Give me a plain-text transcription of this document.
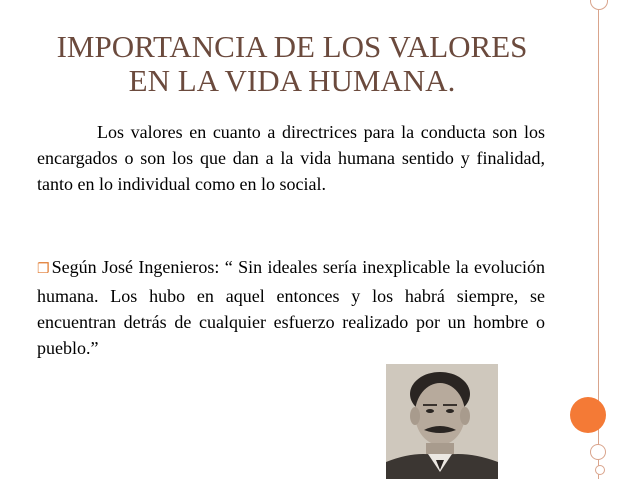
IMPORTANCIA DE LOS VALORES
EN LA VIDA HUMANA.
Los valores en cuanto a directrices para la conducta son los encargados o son los que dan a la vida humana sentido y finalidad, tanto en lo individual como en lo social.
❐ Según José Ingenieros: “ Sin ideales sería inexplicable la evolución humana. Los hubo en aquel entonces y los habrá siempre, se encuentran detrás de cualquier esfuerzo realizado por un hombre o pueblo.”
